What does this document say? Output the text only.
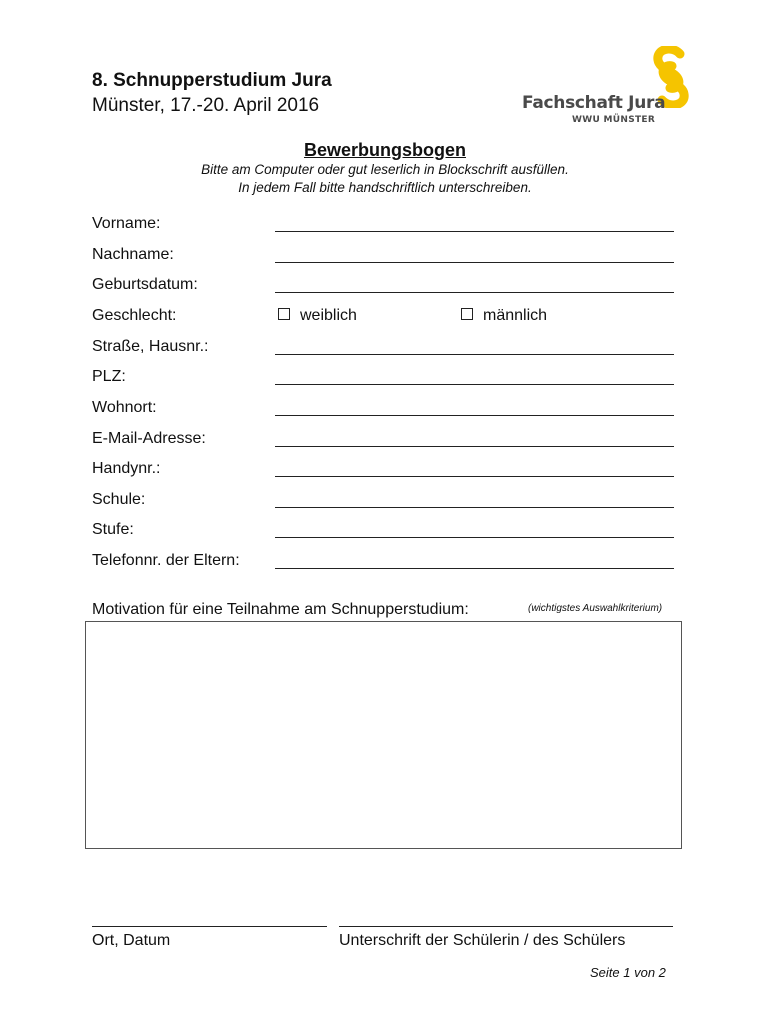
8. Schnupperstudium Jura
Münster, 17.-20. April 2016	Fachschaft Jura
WWU MÜNSTER
Bewerbungsbogen
Bitte am Computer oder gut leserlich in Blockschrift ausfüllen.
In jedem Fall bitte handschriftlich unterschreiben.
Vorname:
Nachname:
Geburtsdatum:
Geschlecht:	weiblich	männlich
Straße, Hausnr.:
PLZ:
Wohnort:
E-Mail-Adresse:
Handynr.:
Schule:
Stufe:
Telefonnr. der Eltern:
Motivation für eine Teilnahme am Schnupperstudium:	(wichtigstes Auswahlkriterium)
Ort, Datum	Unterschrift der Schülerin / des Schülers
Seite 1 von 2
